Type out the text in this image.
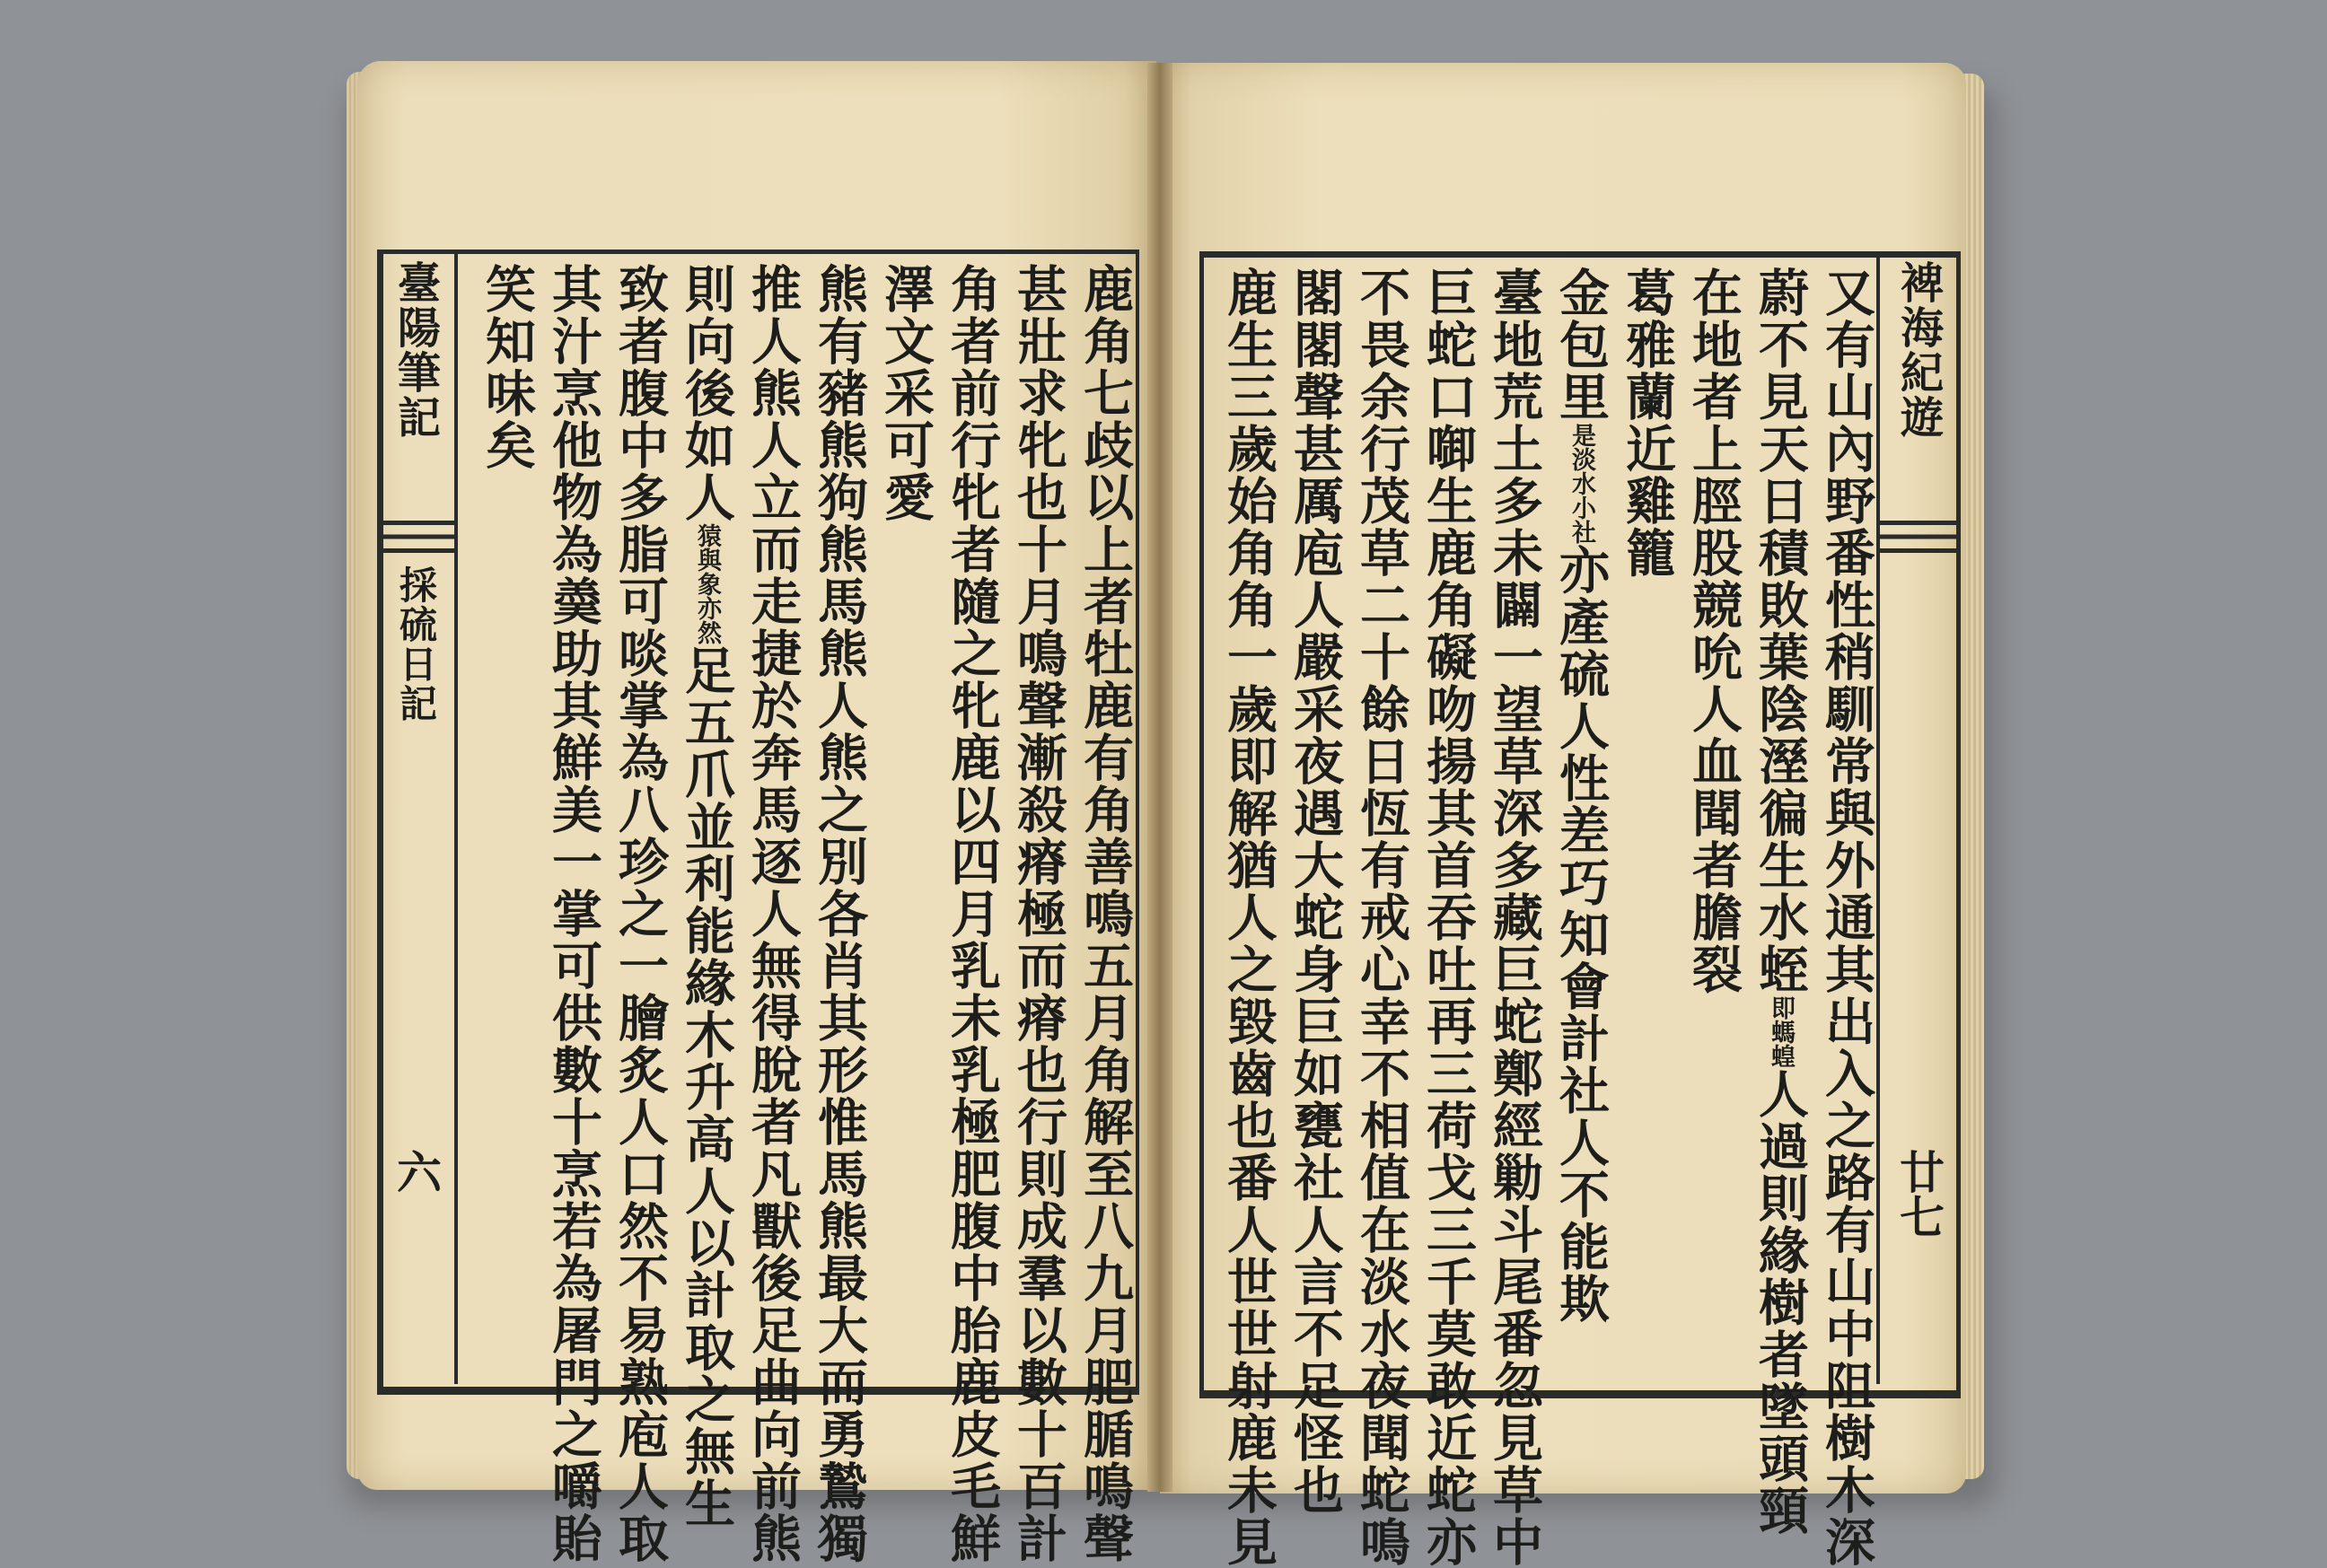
鹿角七歧以上者牡鹿有角善鳴五月角解至八九月肥腯鳴聲
甚壯求牝也十月鳴聲漸殺瘠極而瘠也行則成羣以數十百計
角者前行牝者隨之牝鹿以四月乳未乳極肥腹中胎鹿皮毛鮮
澤文采可愛
熊有豬熊狗熊馬熊人熊之別各肖其形惟馬熊最大而勇鷙獨
推人熊人立而走捷於奔馬逐人無得脫者凡獸後足曲向前熊
則向後如人猿與象亦然足五爪並利能緣木升高人以計取之無生
致者腹中多脂可啖掌為八珍之一膾炙人口然不易熟庖人取
其汁烹他物為羮助其鮮美一掌可供數十烹若為屠門之嚼貽
笑知味矣
臺陽筆記
採硫日記
六	又有山內野番性稍馴常與外通其出入之路有山中阻樹木深
蔚不見天日積敗葉陰溼徧生水蛭即螞蝗人過則緣樹者墜頭頸
在地者上脛股競吮人血聞者膽裂
葛雅蘭近雞籠
金包里是淡水小社亦產硫人性差巧知會計社人不能欺
臺地荒土多未闢一望草深多藏巨蛇鄭經勦斗尾番忽見草中
巨蛇口啣生鹿角礙吻揚其首吞吐再三荷戈三千莫敢近蛇亦
不畏余行茂草二十餘日恆有戒心幸不相值在淡水夜聞蛇鳴
閣閣聲甚厲庖人嚴采夜遇大蛇身巨如甕社人言不足怪也
鹿生三歲始角角一歲即解猶人之毀齒也番人世世射鹿未見	裨海紀遊
廿七
